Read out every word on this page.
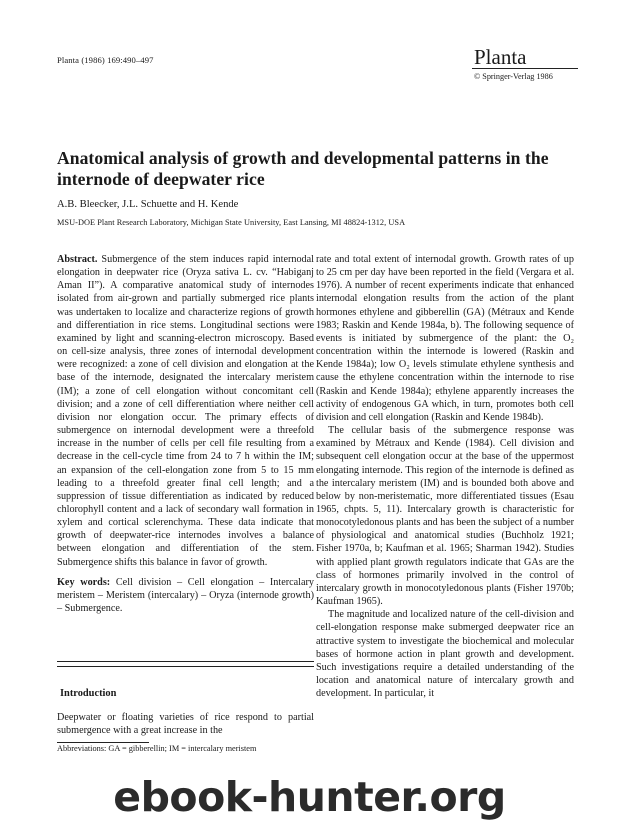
Planta (1986) 169:490–497	Planta
© Springer-Verlag 1986
Anatomical analysis of growth and developmental patterns in the internode of deepwater rice
A.B. Bleecker, J.L. Schuette and H. Kende
MSU-DOE Plant Research Laboratory, Michigan State University, East Lansing, MI 48824-1312, USA

Abstract. Submergence of the stem induces rapid internodal elongation in deepwater rice (Oryza sativa L. cv. “Habiganj Aman II”). A comparative anatomical study of internodes isolated from air-grown and partially submerged rice plants was undertaken to localize and characterize regions of growth and differentiation in rice stems. Longitudinal sections were examined by light and scanning-electron microscopy. Based on cell-size analysis, three zones of internodal development were recognized: a zone of cell division and elongation at the base of the internode, designated the intercalary meristem (IM); a zone of cell elongation without concomitant cell division; and a zone of cell differentiation where neither cell division nor elongation occur. The primary effects of submergence on internodal development were a threefold increase in the number of cells per cell file resulting from a decrease in the cell-cycle time from 24 to 7 h within the IM; an expansion of the cell-elongation zone from 5 to 15 mm leading to a threefold greater final cell length; and a suppression of tissue differentiation as indicated by reduced chlorophyll content and a lack of secondary wall formation in xylem and cortical sclerenchyma. These data indicate that growth of deepwater-rice internodes involves a balance between elongation and differentiation of the stem. Submergence shifts this balance in favor of growth.

Key words: Cell division – Cell elongation – Intercalary meristem – Meristem (intercalary) – Oryza (internode growth) – Submergence.

Introduction

Deepwater or floating varieties of rice respond to partial submergence with a great increase in the

Abbreviations: GA = gibberellin; IM = intercalary meristem

rate and total extent of internodal growth. Growth rates of up to 25 cm per day have been reported in the field (Vergara et al. 1976). A number of recent experiments indicate that enhanced internodal elongation results from the action of the plant hormones ethylene and gibberellin (GA) (Métraux and Kende 1983; Raskin and Kende 1984a, b). The following sequence of events is initiated by submergence of the plant: the O₂ concentration within the internode is lowered (Raskin and Kende 1984a); low O₂ levels stimulate ethylene synthesis and cause the ethylene concentration within the internode to rise (Raskin and Kende 1984a); ethylene apparently increases the activity of endogenous GA which, in turn, promotes both cell division and cell elongation (Raskin and Kende 1984b).

The cellular basis of the submergence response was examined by Métraux and Kende (1984). Cell division and subsequent cell elongation occur at the base of the uppermost elongating internode. This region of the internode is defined as the intercalary meristem (IM) and is bounded both above and below by non-meristematic, more differentiated tissues (Esau 1965, chpts. 5, 11). Intercalary growth is characteristic for monocotyledonous plants and has been the subject of a number of physiological and anatomical studies (Buchholz 1921; Fisher 1970a, b; Kaufman et al. 1965; Sharman 1942). Studies with applied plant growth regulators indicate that GAs are the class of hormones primarily involved in the control of intercalary growth in monocotyledonous plants (Fisher 1970b; Kaufman 1965).

The magnitude and localized nature of the cell-division and cell-elongation response make submerged deepwater rice an attractive system to investigate the biochemical and molecular bases of hormone action in plant growth and development. Such investigations require a detailed understanding of the location and anatomical nature of intercalary growth and development. In particular, it

ebook-hunter.org
